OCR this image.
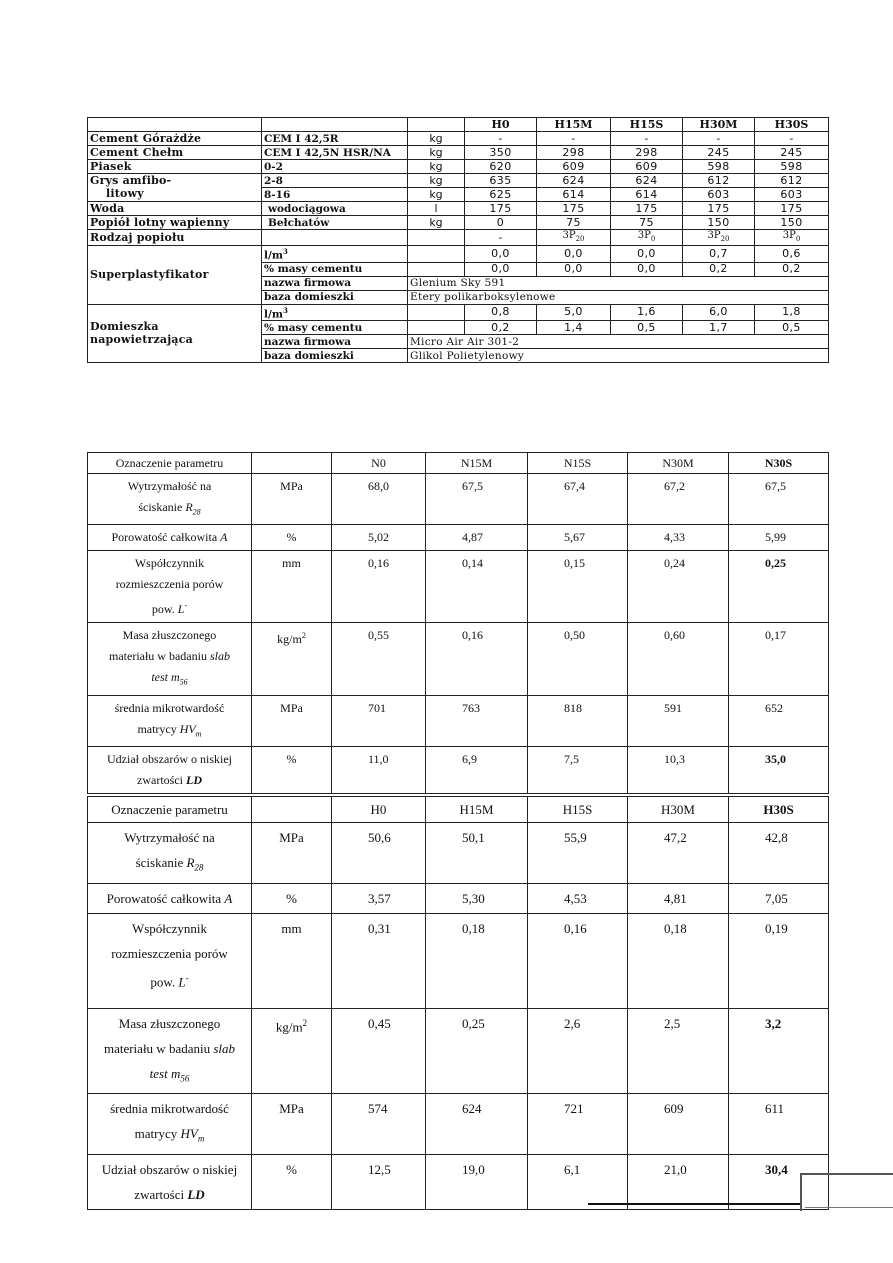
			H0	H15M	H15S	H30M	H30S
Cement Górażdże	CEM I 42,5R	kg	-	-	-	-	-
Cement Chełm	CEM I 42,5N HSR/NA	kg	350	298	298	245	245
Piasek	0-2	kg	620	609	609	598	598
Grys amfibo-	2-8	kg	635	624	624	612	612
litowy	8-16	kg	625	614	614	603	603
Woda	wodociągowa	l	175	175	175	175	175
Popiół lotny wapienny	Bełchatów	kg	0	75	75	150	150
Rodzaj popiołu			-	$3P_{20}$	$3P_0$	$3P_{20}$	$3P_0$
Superplastyfikator	$l/m^3$		0,0	0,0	0,0	0,7	0,6
	% masy cementu		0,0	0,0	0,0	0,2	0,2
	nazwa firmowa	Glenium Sky 591					
	baza domieszki	Etery polikarboksylenowe					
Domieszka
napowietrzająca	$l/m^3$		0,8	5,0	1,6	6,0	1,8
	% masy cementu		0,2	1,4	0,5	1,7	0,5
	nazwa firmowa	Micro Air Air 301-2					
	baza domieszki	Glikol Polietylenowy					
Oznaczenie parametru		N0	N15M	N15S	N30M	N30S
Wytrzymałość na
ściskanie $R_{28}$	MPa	68,0	67,5	67,4	67,2	67,5
Porowatość całkowita A	%	5,02	4,87	5,67	4,33	5,99
Współczynnik
rozmieszczenia porów
pow. L-	mm	0,16	0,14	0,15	0,24	0,25
Masa złuszczonego
materiału w badaniu slab
test $m_{56}$	$kg/m^2$	0,55	0,16	0,50	0,60	0,17
średnia mikrotwardość
matrycy $HV_m$	MPa	701	763	818	591	652
Udział obszarów o niskiej
zwartości LD	%	11,0	6,9	7,5	10,3	35,0
Oznaczenie parametru		H0	H15M	H15S	H30M	H30S
Wytrzymałość na
ściskanie $R_{28}$	MPa	50,6	50,1	55,9	47,2	42,8
Porowatość całkowita A	%	3,57	5,30	4,53	4,81	7,05
Współczynnik
rozmieszczenia porów
pow. L-	mm	0,31	0,18	0,16	0,18	0,19
Masa złuszczonego
materiału w badaniu slab
test $m_{56}$	$kg/m^2$	0,45	0,25	2,6	2,5	3,2
średnia mikrotwardość
matrycy $HV_m$	MPa	574	624	721	609	611
Udział obszarów o niskiej
zwartości LD	%	12,5	19,0	6,1	21,0	30,4
